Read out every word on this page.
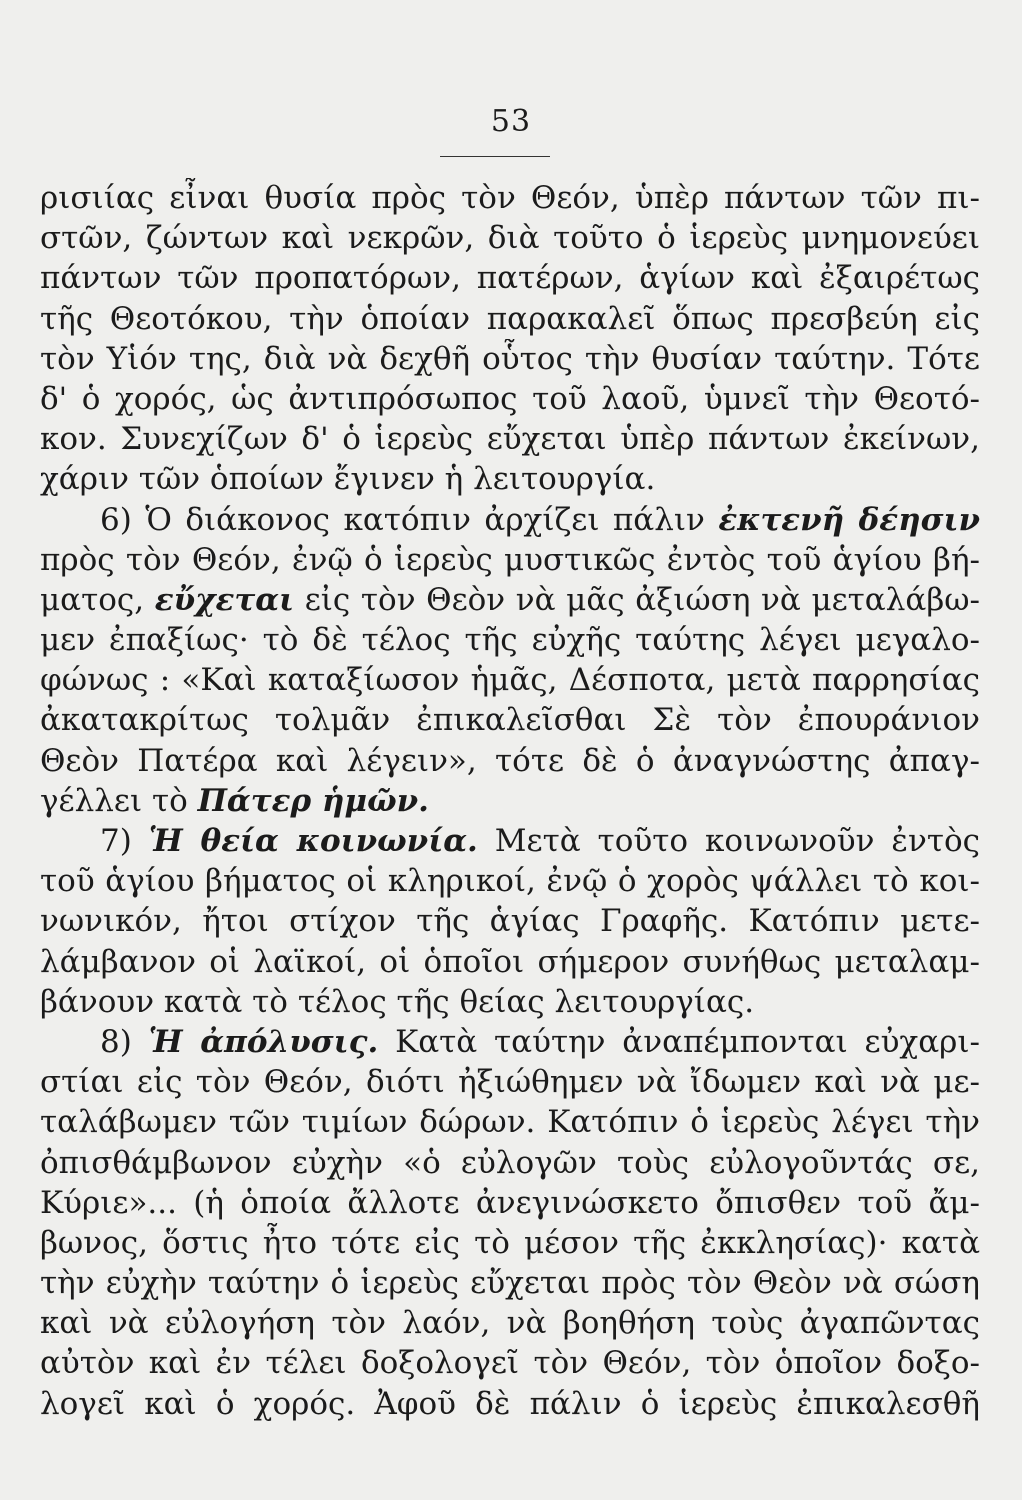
53
ρισιίας εἶναι θυσία πρὸς τὸν Θεόν, ὑπὲρ πάντων τῶν πι-
στῶν, ζώντων καὶ νεκρῶν, διὰ τοῦτο ὁ ἱερεὺς μνημονεύει
πάντων τῶν προπατόρων, πατέρων, ἁγίων καὶ ἐξαιρέτως
τῆς Θεοτόκου, τὴν ὁποίαν παρακαλεῖ ὅπως πρεσβεύη εἰς
τὸν Υἱόν της, διὰ νὰ δεχθῆ οὗτος τὴν θυσίαν ταύτην. Τότε
δ' ὁ χορός, ὡς ἀντιπρόσωπος τοῦ λαοῦ, ὑμνεῖ τὴν Θεοτό-
κον. Συνεχίζων δ' ὁ ἱερεὺς εὔχεται ὑπὲρ πάντων ἐκείνων,
χάριν τῶν ὁποίων ἔγινεν ἡ λειτουργία.
6) Ὁ διάκονος κατόπιν ἀρχίζει πάλιν ἐκτενῆ δέησιν
πρὸς τὸν Θεόν, ἐνῷ ὁ ἱερεὺς μυστικῶς ἐντὸς τοῦ ἁγίου βή-
ματος, εὔχεται εἰς τὸν Θεὸν νὰ μᾶς ἀξιώση νὰ μεταλάβω-
μεν ἐπαξίως· τὸ δὲ τέλος τῆς εὐχῆς ταύτης λέγει μεγαλο-
φώνως : «Καὶ καταξίωσον ἡμᾶς, Δέσποτα, μετὰ παρρησίας
ἀκατακρίτως τολμᾶν ἐπικαλεῖσθαι Σὲ τὸν ἐπουράνιον
Θεὸν Πατέρα καὶ λέγειν», τότε δὲ ὁ ἀναγνώστης ἀπαγ-
γέλλει τὸ Πάτερ ἡμῶν.
7) Ἡ θεία κοινωνία. Μετὰ τοῦτο κοινωνοῦν ἐντὸς
τοῦ ἁγίου βήματος οἱ κληρικοί, ἐνῷ ὁ χορὸς ψάλλει τὸ κοι-
νωνικόν, ἤτοι στίχον τῆς ἁγίας Γραφῆς. Κατόπιν μετε-
λάμβανον οἱ λαϊκοί, οἱ ὁποῖοι σήμερον συνήθως μεταλαμ-
βάνουν κατὰ τὸ τέλος τῆς θείας λειτουργίας.
8) Ἡ ἀπόλυσις. Κατὰ ταύτην ἀναπέμπονται εὐχαρι-
στίαι εἰς τὸν Θεόν, διότι ἠξιώθημεν νὰ ἴδωμεν καὶ νὰ με-
ταλάβωμεν τῶν τιμίων δώρων. Κατόπιν ὁ ἱερεὺς λέγει τὴν
ὀπισθάμβωνον εὐχὴν «ὁ εὐλογῶν τοὺς εὐλογοῦντάς σε,
Κύριε»... (ἡ ὁποία ἄλλοτε ἀνεγινώσκετο ὄπισθεν τοῦ ἄμ-
βωνος, ὅστις ἦτο τότε εἰς τὸ μέσον τῆς ἐκκλησίας)· κατὰ
τὴν εὐχὴν ταύτην ὁ ἱερεὺς εὔχεται πρὸς τὸν Θεὸν νὰ σώση
καὶ νὰ εὐλογήση τὸν λαόν, νὰ βοηθήση τοὺς ἀγαπῶντας
αὐτὸν καὶ ἐν τέλει δοξολογεῖ τὸν Θεόν, τὸν ὁποῖον δοξο-
λογεῖ καὶ ὁ χορός. Ἀφοῦ δὲ πάλιν ὁ ἱερεὺς ἐπικαλεσθῆ
